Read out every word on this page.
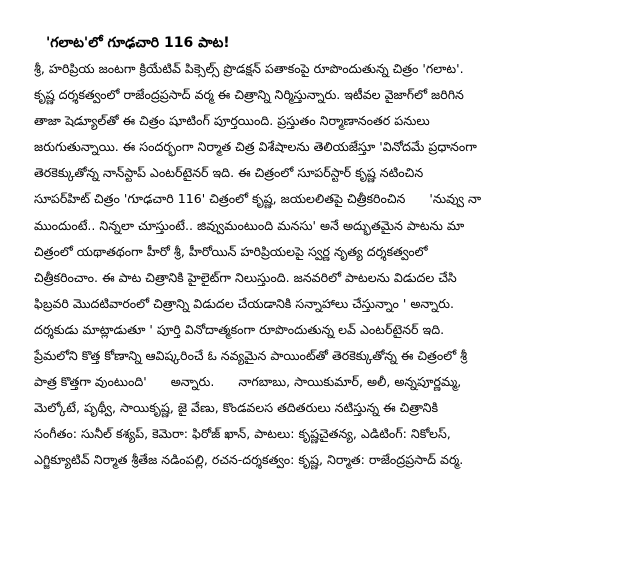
'గలాట'లో గూఢచారి 116 పాట!
శ్రీ, హరిప్రియ జంటగా క్రియేటివ్ పిక్సెల్స్ ప్రొడక్షన్ పతాకంపై రూపొందుతున్న చిత్రం 'గలాట'.
కృష్ణ దర్శకత్వంలో రాజేంద్రప్రసాద్ వర్మ ఈ చిత్రాన్ని నిర్మిస్తున్నారు. ఇటీవల వైజాగ్‌లో జరిగిన
తాజా షెడ్యూల్‌తో ఈ చిత్రం షూటింగ్ పూర్తయింది. ప్రస్తుతం నిర్మాణానంతర పనులు
జరుగుతున్నాయి. ఈ సందర్భంగా నిర్మాత చిత్ర విశేషాలను తెలియజేస్తూ 'వినోదమే ప్రధానంగా
తెరకెక్కుతోన్న నాన్‌స్టాప్ ఎంటర్‌టైనర్ ఇది. ఈ చిత్రంలో సూపర్‌స్టార్ కృష్ణ నటించిన
సూపర్‌హిట్ చిత్రం 'గూఢచారి 116' చిత్రంలో కృష్ణ, జయలలితపై చిత్రీకరించిన      'నువ్వు నా
ముందుంటే.. నిన్నలా చూస్తుంటే.. జివ్వుమంటుంది మనసు' అనే అద్భుతమైన పాటను మా
చిత్రంలో యథాతథంగా హీరో శ్రీ, హీరోయిన్ హరిప్రియలపై స్వర్ణ నృత్య దర్శకత్వంలో
చిత్రీకరించాం. ఈ పాట చిత్రానికి హైలైట్‌గా నిలుస్తుంది. జనవరిలో పాటలను విడుదల చేసి
ఫిబ్రవరి మొదటివారంలో చిత్రాన్ని విడుదల చేయడానికి సన్నాహాలు చేస్తున్నాం ' అన్నారు.
దర్శకుడు మాట్లాడుతూ ' పూర్తి వినోదాత్మకంగా రూపొందుతున్న లవ్ ఎంటర్‌టైనర్ ఇది.
ప్రేమలోని కొత్త కోణాన్ని ఆవిష్కరించే ఓ నవ్యమైన పాయింట్‌తో తెరకెక్కుతోన్న ఈ చిత్రంలో శ్రీ
పాత్ర కొత్తగా వుంటుంది'      అన్నారు.      నాగబాబు, సాయికుమార్, అలీ, అన్నపూర్ణమ్మ,
మెల్కోటే, పృథ్వీ, సాయికృష్ణ, జై వేణు, కొండవలస తదితరులు నటిస్తున్న ఈ చిత్రానికి
సంగీతం: సునీల్ కశ్యప్, కెమెరా: ఫిరోజ్ ఖాన్, పాటలు: కృష్ణచైతన్య, ఎడిటింగ్: నికోలస్,
ఎగ్జిక్యూటివ్ నిర్మాత శ్రీతేజ నడింపల్లి, రచన-దర్శకత్వం: కృష్ణ, నిర్మాత: రాజేంద్రప్రసాద్ వర్మ.
